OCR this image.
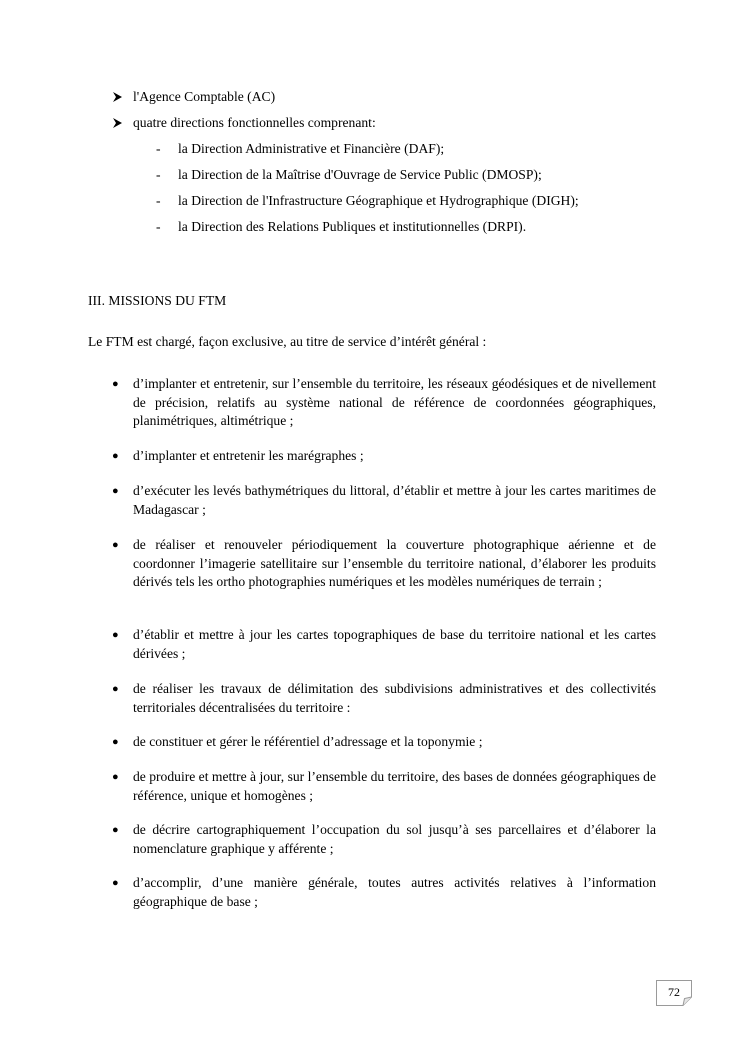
l'Agence Comptable (AC)
quatre directions fonctionnelles comprenant:
- la Direction Administrative et Financière (DAF);
- la Direction de la Maîtrise d'Ouvrage de Service Public (DMOSP);
- la Direction de l'Infrastructure Géographique et Hydrographique (DIGH);
- la Direction des Relations Publiques et institutionnelles (DRPI).
III. MISSIONS DU FTM
Le FTM est chargé, façon exclusive, au titre de service d’intérêt général :
● d’implanter et entretenir, sur l’ensemble du territoire, les réseaux géodésiques et de nivellement de précision, relatifs au système national de référence de coordonnées géographiques, planimétriques, altimétrique ;
● d’implanter et entretenir les marégraphes ;
● d’exécuter les levés bathymétriques du littoral, d’établir et mettre à jour les cartes maritimes de Madagascar ;
● de réaliser et renouveler périodiquement la couverture photographique aérienne et de coordonner l’imagerie satellitaire sur l’ensemble du territoire national, d’élaborer les produits dérivés tels les ortho photographies numériques et les modèles numériques de terrain ;
● d’établir et mettre à jour les cartes topographiques de base du territoire national et les cartes dérivées ;
● de réaliser les travaux de délimitation des subdivisions administratives et des collectivités territoriales décentralisées du territoire :
● de constituer et gérer le référentiel d’adressage et la toponymie ;
● de produire et mettre à jour, sur l’ensemble du territoire, des bases de données géographiques de référence, unique et homogènes ;
● de décrire cartographiquement l’occupation du sol jusqu’à ses parcellaires et d’élaborer la nomenclature graphique y afférente ;
● d’accomplir, d’une manière générale, toutes autres activités relatives à l’information géographique de base ;
72
